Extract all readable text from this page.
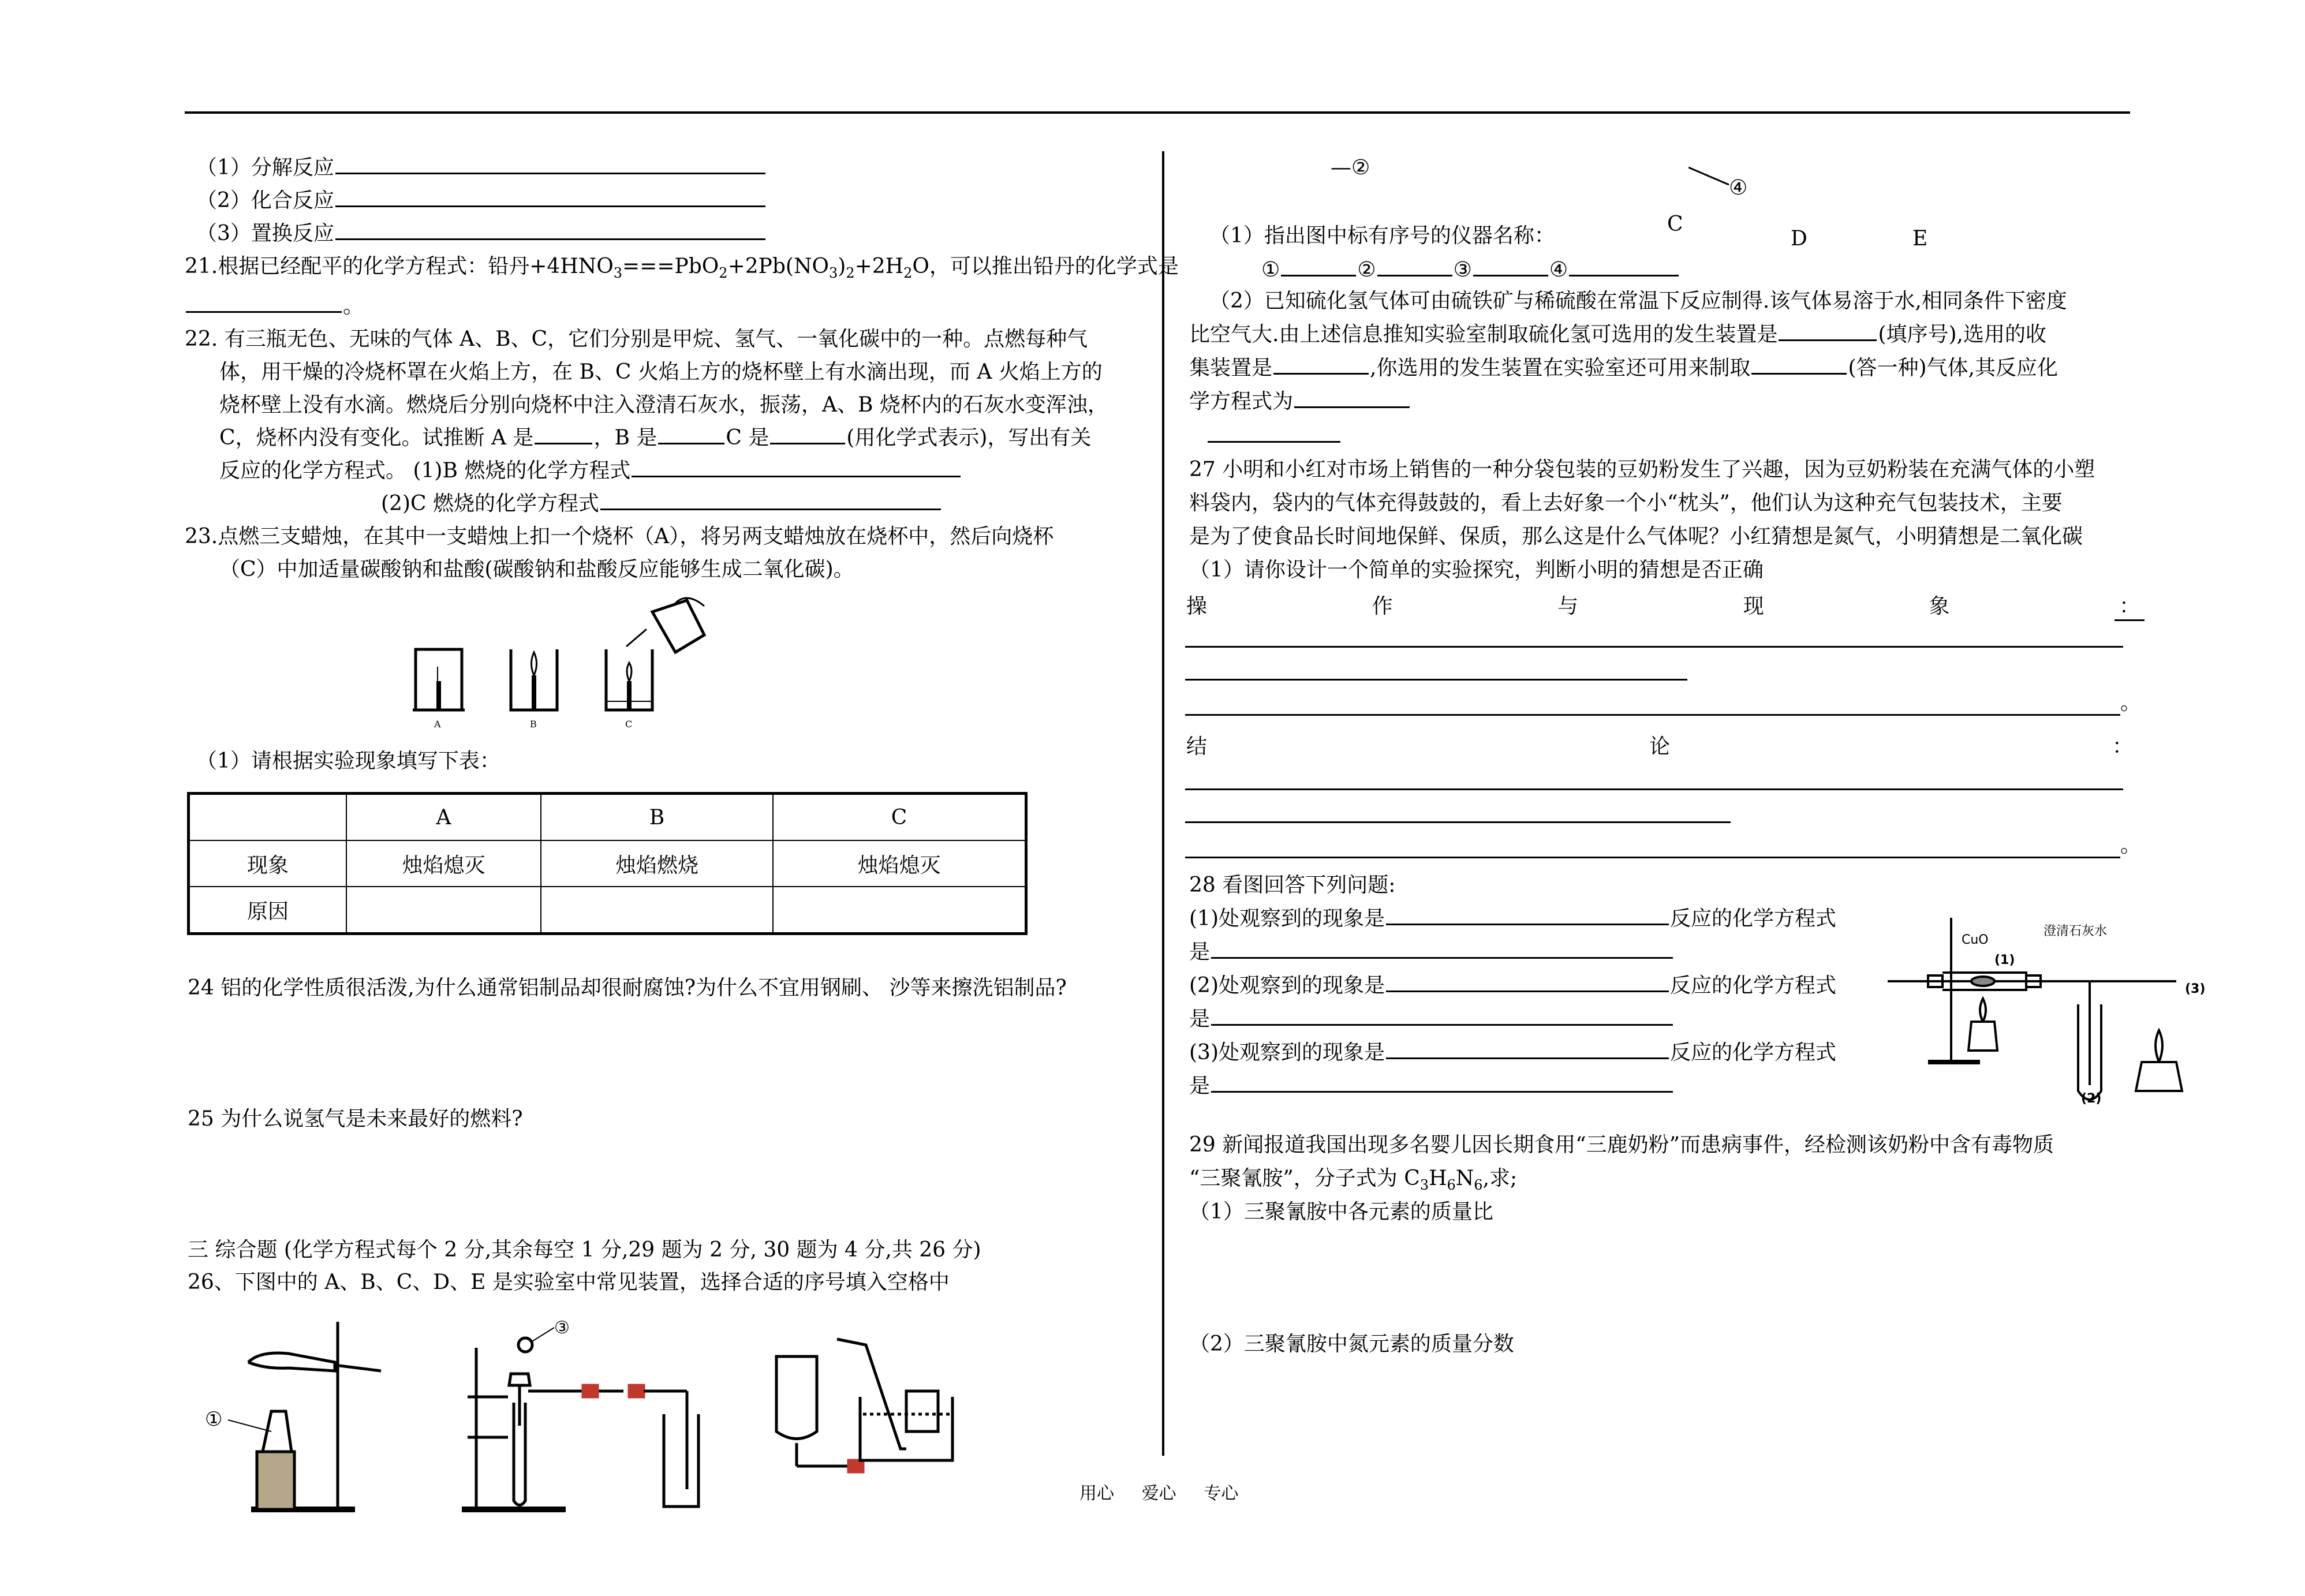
（1）分解反应
（2）化合反应
（3）置换反应
21.根据已经配平的化学方程式：铅丹$+4HNO_3===PbO_2+2Pb(NO_3)_2+2H_2O$，可以推出铅丹的化学式是
。
22. 有三瓶无色、无味的气体 A、B、C，它们分别是甲烷、氢气、一氧化碳中的一种。点燃每种气
体，用干燥的冷烧杯罩在火焰上方，在 B、C 火焰上方的烧杯壁上有水滴出现，而 A 火焰上方的
烧杯壁上没有水滴。燃烧后分别向烧杯中注入澄清石灰水，振荡，A、B 烧杯内的石灰水变浑浊，
C，烧杯内没有变化。试推断 A 是	，B 是	C 是	(用化学式表示)，写出有关
反应的化学方程式。 (1)B 燃烧的化学方程式
(2)C 燃烧的化学方程式
23.点燃三支蜡烛，在其中一支蜡烛上扣一个烧杯（A），将另两支蜡烛放在烧杯中，然后向烧杯
（C）中加适量碳酸钠和盐酸(碳酸钠和盐酸反应能够生成二氧化碳)。
A	B	C
（1）请根据实验现象填写下表：
	A	B	C
现象	烛焰熄灭	烛焰燃烧	烛焰熄灭
原因			
24 铝的化学性质很活泼,为什么通常铝制品却很耐腐蚀?为什么不宜用钢刷、 沙等来擦洗铝制品?
25 为什么说氢气是未来最好的燃料?
三 综合题 (化学方程式每个 2 分,其余每空 1 分,29 题为 2 分, 30 题为 4 分,共 26 分)
26、下图中的 A、B、C、D、E 是实验室中常见装置，选择合适的序号填入空格中
①
③
—②
④
C
D	E
（1）指出图中标有序号的仪器名称：
①	②	③	④
（2）已知硫化氢气体可由硫铁矿与稀硫酸在常温下反应制得.该气体易溶于水,相同条件下密度
比空气大.由上述信息推知实验室制取硫化氢可选用的发生装置是	(填序号),选用的收
集装置是	,你选用的发生装置在实验室还可用来制取	(答一种)气体,其反应化
学方程式为
27 小明和小红对市场上销售的一种分袋包装的豆奶粉发生了兴趣，因为豆奶粉装在充满气体的小塑
料袋内，袋内的气体充得鼓鼓的，看上去好象一个小“枕头”，他们认为这种充气包装技术，主要
是为了使食品长时间地保鲜、保质，那么这是什么气体呢？小红猜想是氮气，小明猜想是二氧化碳
（1）请你设计一个简单的实验探究，判断小明的猜想是否正确
操	作	与	现	象	：
。
结	论	：
。
28 看图回答下列问题:
(1)处观察到的现象是	反应的化学方程式
是
(2)处观察到的现象是	反应的化学方程式
是
(3)处观察到的现象是	反应的化学方程式
是
CuO
澄清石灰水
(1)
(2)
(3)
29 新闻报道我国出现多名婴儿因长期食用“三鹿奶粉”而患病事件，经检测该奶粉中含有毒物质
“三聚氰胺”，分子式为 $C_3H_6N_6$,求;
（1）三聚氰胺中各元素的质量比
（2）三聚氰胺中氮元素的质量分数
用心     爱心     专心
